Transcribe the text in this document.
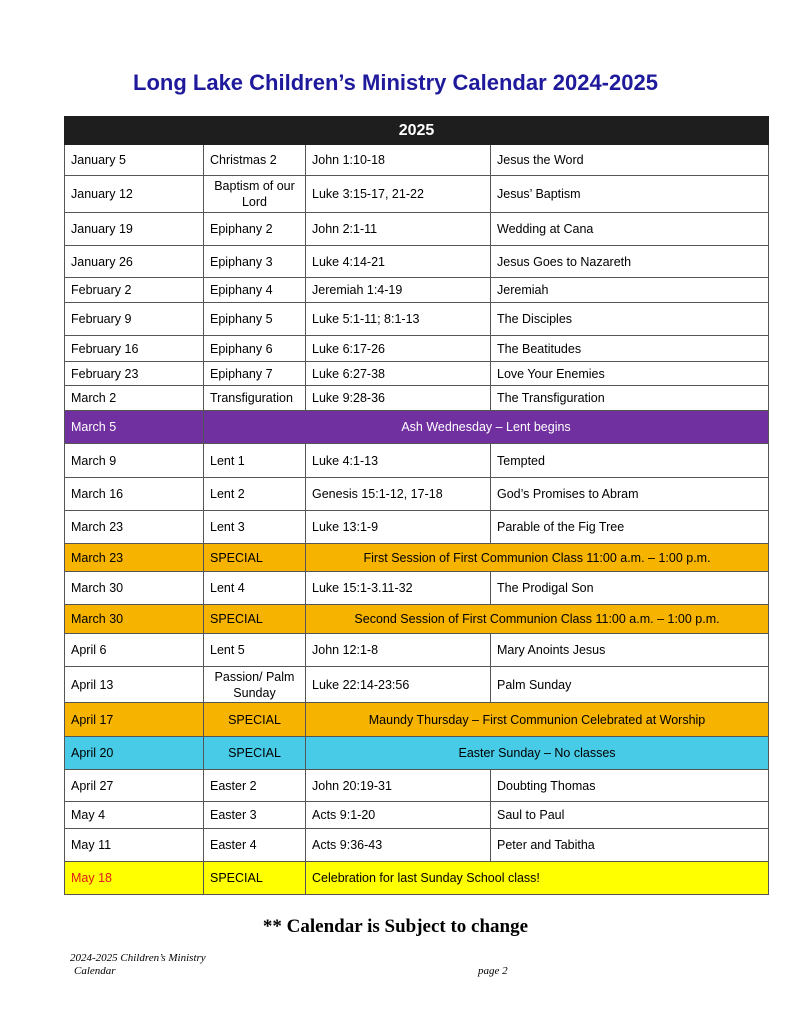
Long Lake Children’s Ministry Calendar 2024-2025
2025			
January 5	Christmas 2	John 1:10-18	Jesus the Word
January 12	Baptism of our Lord	Luke 3:15-17, 21-22	Jesus’ Baptism
January 19	Epiphany 2	John 2:1-11	Wedding at Cana
January 26	Epiphany 3	Luke 4:14-21	Jesus Goes to Nazareth
February 2	Epiphany 4	Jeremiah 1:4-19	Jeremiah
February 9	Epiphany 5	Luke 5:1-11; 8:1-13	The Disciples
February 16	Epiphany 6	Luke 6:17-26	The Beatitudes
February 23	Epiphany 7	Luke 6:27-38	Love Your Enemies
March 2	Transfiguration	Luke 9:28-36	The Transfiguration
March 5	Ash Wednesday – Lent begins		
March 9	Lent 1	Luke 4:1-13	Tempted
March 16	Lent 2	Genesis 15:1-12, 17-18	God’s Promises to Abram
March 23	Lent 3	Luke 13:1-9	Parable of the Fig Tree
March 23	SPECIAL	First Session of First Communion Class 11:00 a.m. – 1:00 p.m.	
March 30	Lent 4	Luke 15:1-3.11-32	The Prodigal Son
March 30	SPECIAL	Second Session of First Communion Class 11:00 a.m. – 1:00 p.m.	
April 6	Lent 5	John 12:1-8	Mary Anoints Jesus
April 13	Passion/ Palm Sunday	Luke 22:14-23:56	Palm Sunday
April 17	SPECIAL	Maundy Thursday – First Communion Celebrated at Worship	
April 20	SPECIAL	Easter Sunday – No classes	
April 27	Easter 2	John 20:19-31	Doubting Thomas
May 4	Easter 3	Acts 9:1-20	Saul to Paul
May 11	Easter 4	Acts 9:36-43	Peter and Tabitha
May 18	SPECIAL	Celebration for last Sunday School class!	
** Calendar is Subject to change
2024-2025 Children’s Ministry
Calendar	page 2
